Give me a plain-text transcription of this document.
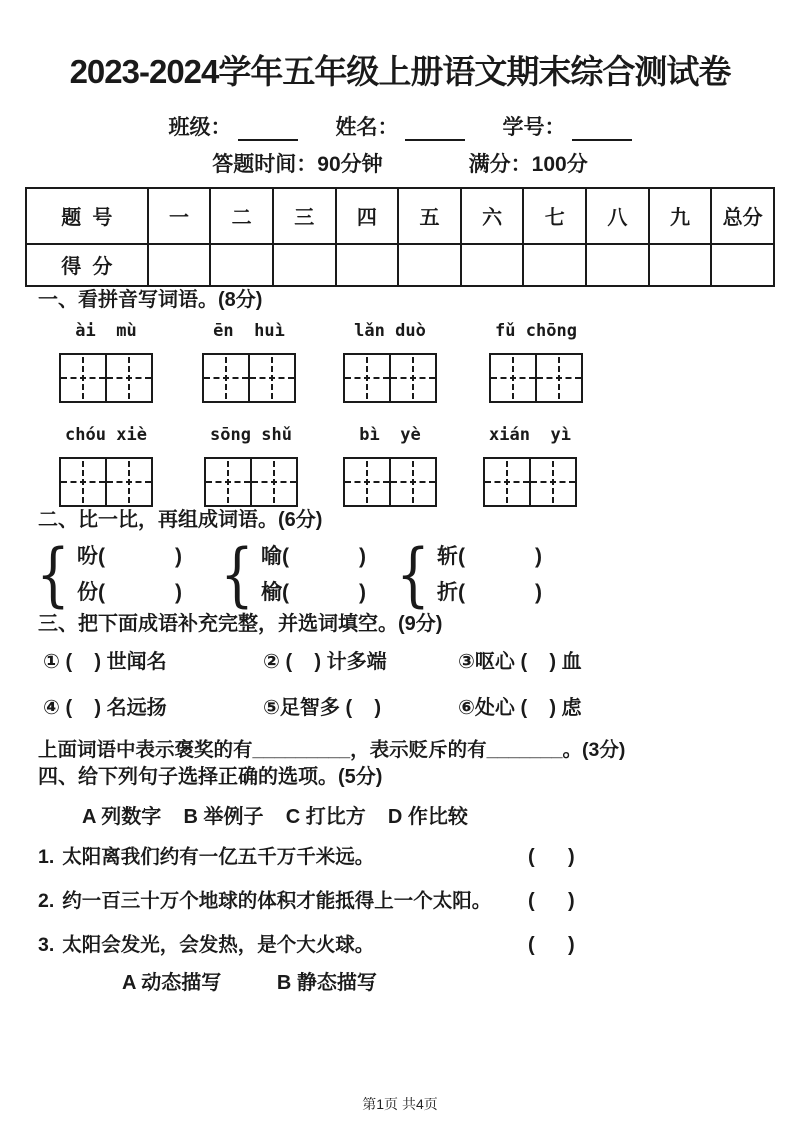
2023-2024学年五年级上册语文期末综合测试卷
班级：	姓名：	学号：
答题时间：90分钟	满分：100分
题  号	一	二	三	四	五	六	七	八	九	总分
得  分										
一、看拼音写词语。(8分)
ài  mù	ēn  huì	lǎn duò	fǔ chōng
chóu xiè	sōng shǔ	bì  yè	xián  yì
二、比一比，再组成词语。(6分)
{ 吩(	)
份(	) { 喻(	)
榆(	) { 斩(	)
折(	)
三、把下面成语补充完整，并选词填空。(9分)
① (    ) 世闻名	② (    ) 计多端	③呕心 (    ) 血
④ (    ) 名远扬	⑤足智多 (    )	⑥处心 (    ) 虑
上面词语中表示褒奖的有_________，表示贬斥的有_______。(3分)
四、给下列句子选择正确的选项。(5分)
A 列数字    B 举例子    C 打比方    D 作比较
1. 太阳离我们约有一亿五千万千米远。	(      )
2. 约一百三十万个地球的体积才能抵得上一个太阳。 (      )
3. 太阳会发光，会发热，是个大火球。	(      )
A 动态描写          B 静态描写
第1页 共4页
